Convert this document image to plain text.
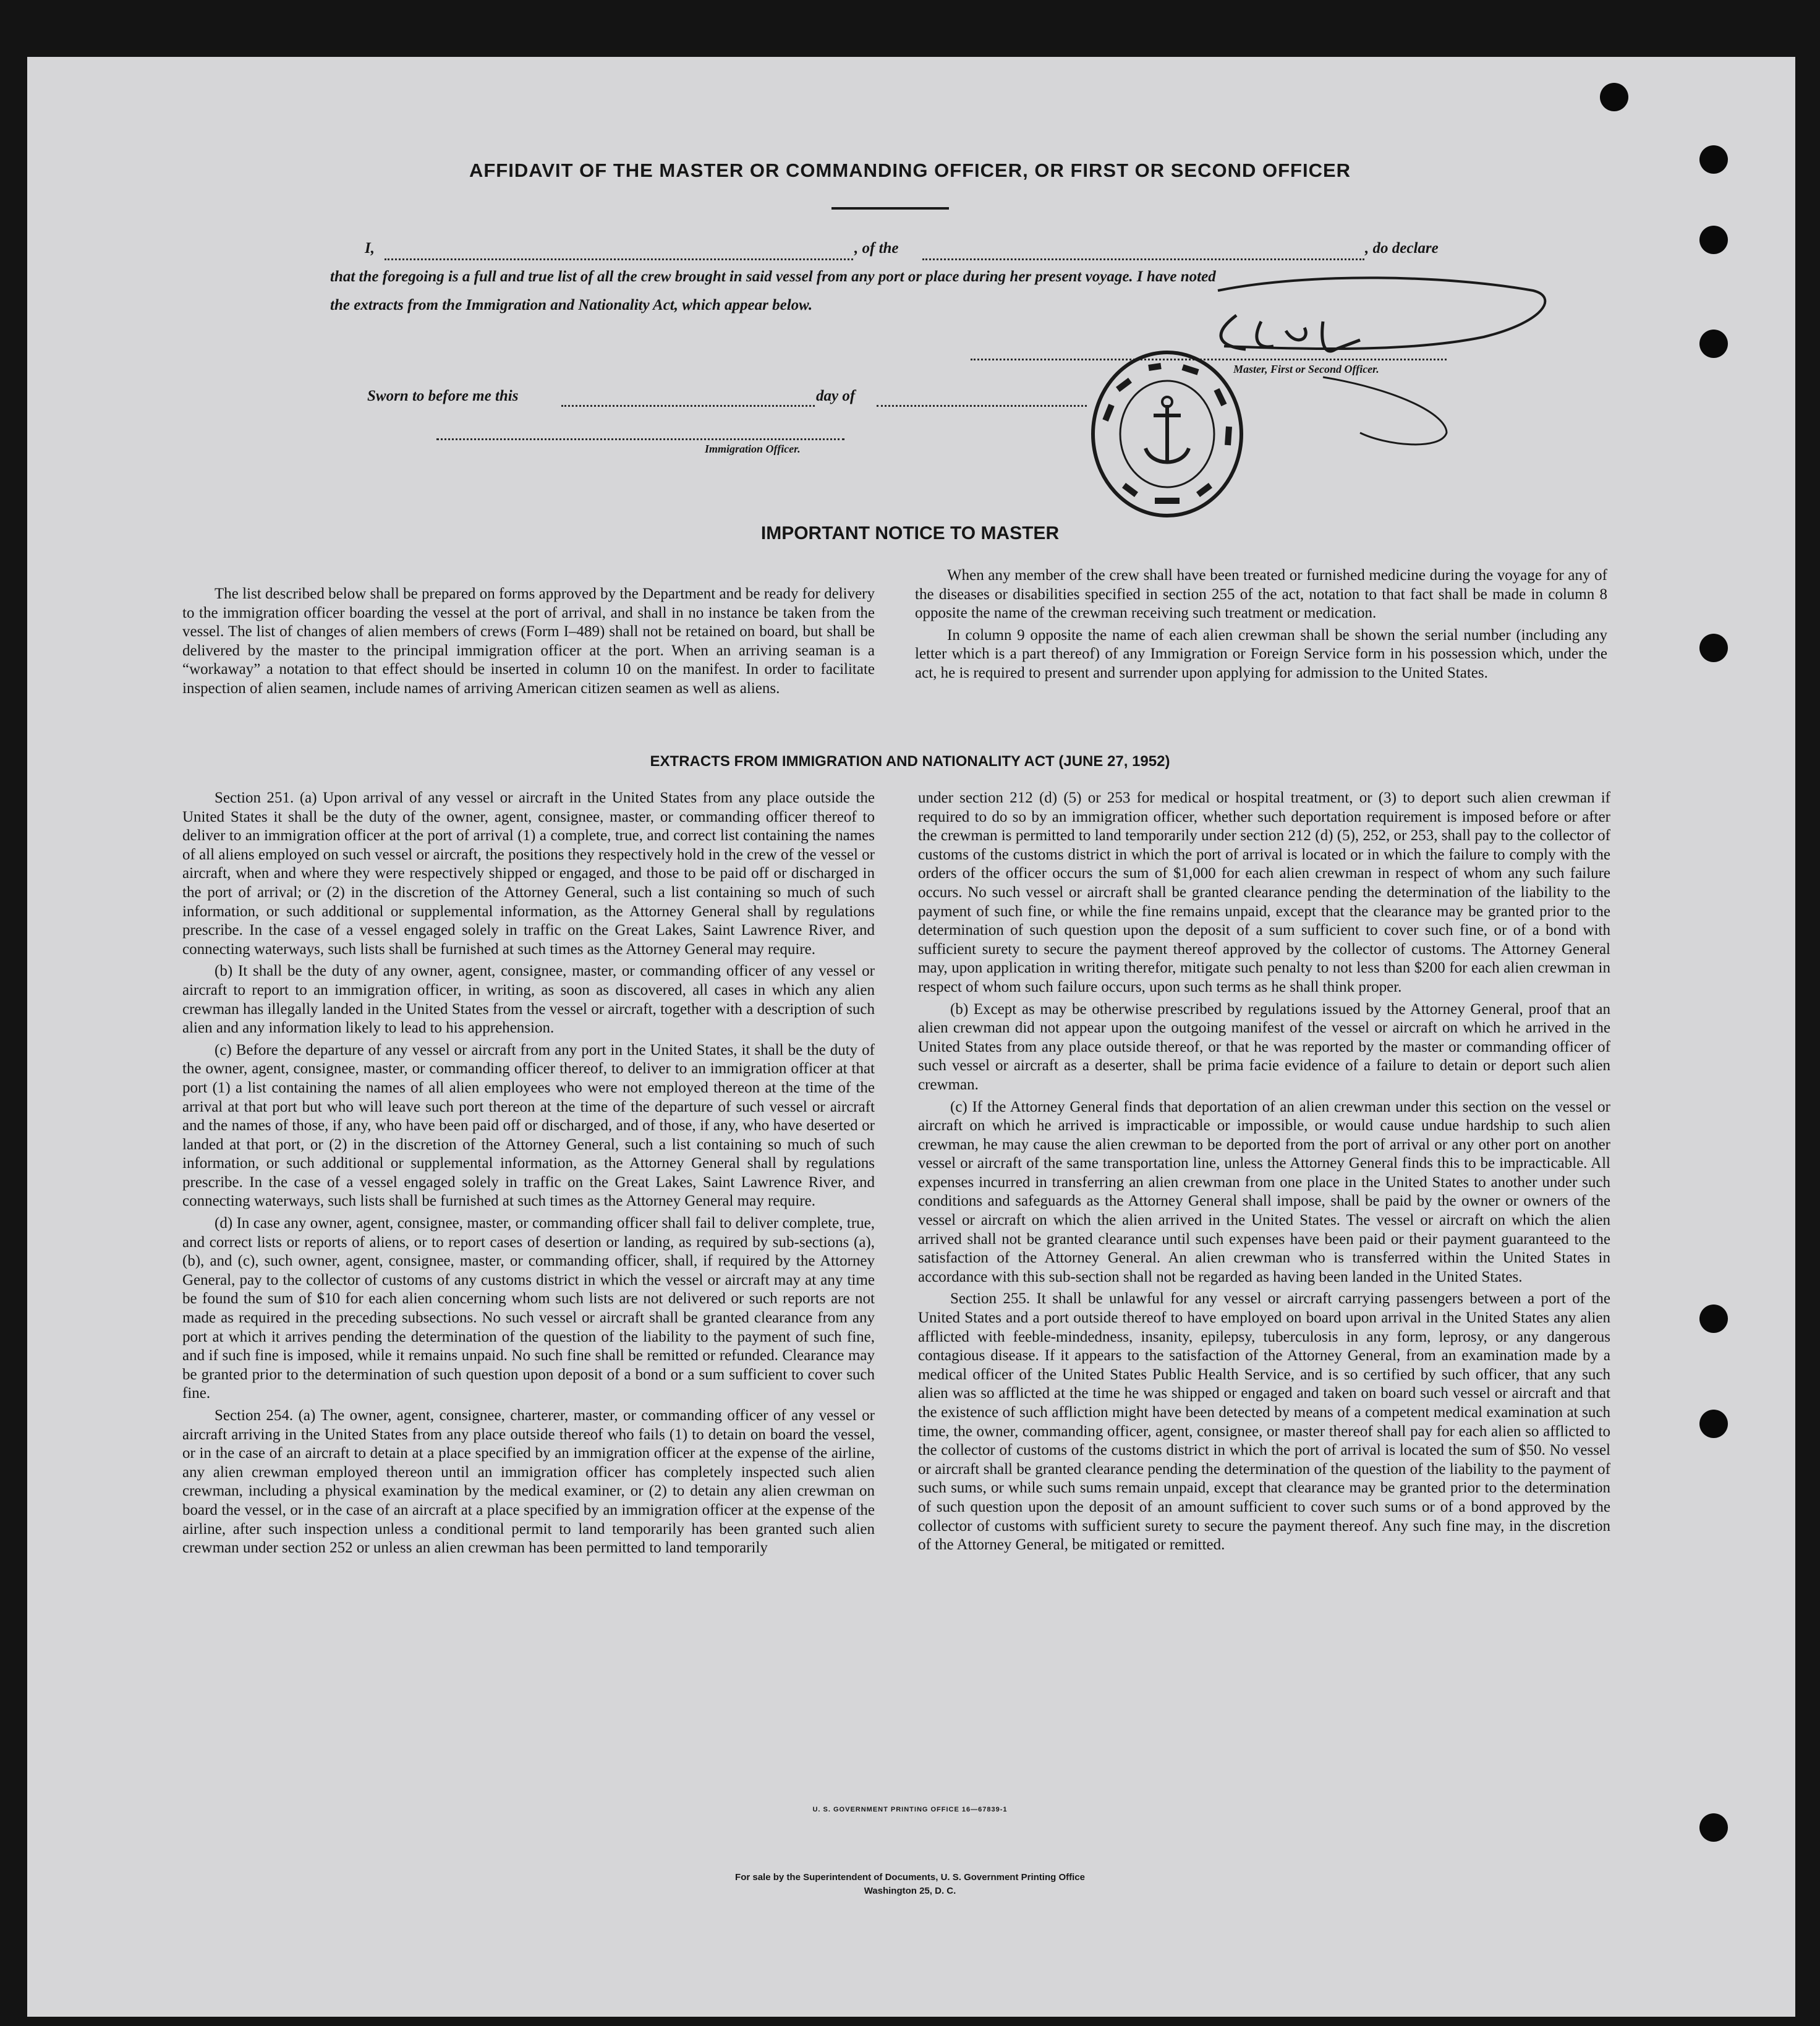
AFFIDAVIT OF THE MASTER OR COMMANDING OFFICER, OR FIRST OR SECOND OFFICER
I,	, of the	, do declare
that the foregoing is a full and true list of all the crew brought in said vessel from any port or place during her present voyage. I have noted
the extracts from the Immigration and Nationality Act, which appear below.
Master, First or Second Officer.
Sworn to before me this	day of
Immigration Officer.
IMPORTANT NOTICE TO MASTER

The list described below shall be prepared on forms approved by the Department and be ready for delivery to the immigration officer boarding the vessel at the port of arrival, and shall in no instance be taken from the vessel. The list of changes of alien members of crews (Form I–489) shall not be retained on board, but shall be delivered by the master to the principal immigration officer at the port. When an arriving seaman is a “workaway” a notation to that effect should be inserted in column 10 on the manifest. In order to facilitate inspection of alien seamen, include names of arriving American citizen seamen as well as aliens.

When any member of the crew shall have been treated or furnished medicine during the voyage for any of the diseases or disabilities specified in section 255 of the act, notation to that fact shall be made in column 8 opposite the name of the crewman receiving such treatment or medication.

In column 9 opposite the name of each alien crewman shall be shown the serial number (including any letter which is a part thereof) of any Immigration or Foreign Service form in his possession which, under the act, he is required to present and surrender upon applying for admission to the United States.

EXTRACTS FROM IMMIGRATION AND NATIONALITY ACT (JUNE 27, 1952)

Section 251. (a) Upon arrival of any vessel or aircraft in the United States from any place outside the United States it shall be the duty of the owner, agent, consignee, master, or commanding officer thereof to deliver to an immigration officer at the port of arrival (1) a complete, true, and correct list containing the names of all aliens employed on such vessel or aircraft, the positions they respectively hold in the crew of the vessel or aircraft, when and where they were respectively shipped or engaged, and those to be paid off or discharged in the port of arrival; or (2) in the discretion of the Attorney General, such a list containing so much of such information, or such additional or supplemental information, as the Attorney General shall by regulations prescribe. In the case of a vessel engaged solely in traffic on the Great Lakes, Saint Lawrence River, and connecting waterways, such lists shall be furnished at such times as the Attorney General may require.

(b) It shall be the duty of any owner, agent, consignee, master, or commanding officer of any vessel or aircraft to report to an immigration officer, in writing, as soon as discovered, all cases in which any alien crewman has illegally landed in the United States from the vessel or aircraft, together with a description of such alien and any information likely to lead to his apprehension.

(c) Before the departure of any vessel or aircraft from any port in the United States, it shall be the duty of the owner, agent, consignee, master, or commanding officer thereof, to deliver to an immigration officer at that port (1) a list containing the names of all alien employees who were not employed thereon at the time of the arrival at that port but who will leave such port thereon at the time of the departure of such vessel or aircraft and the names of those, if any, who have been paid off or discharged, and of those, if any, who have deserted or landed at that port, or (2) in the discretion of the Attorney General, such a list containing so much of such information, or such additional or supplemental information, as the Attorney General shall by regulations prescribe. In the case of a vessel engaged solely in traffic on the Great Lakes, Saint Lawrence River, and connecting waterways, such lists shall be furnished at such times as the Attorney General may require.

(d) In case any owner, agent, consignee, master, or commanding officer shall fail to deliver complete, true, and correct lists or reports of aliens, or to report cases of desertion or landing, as required by sub-sections (a), (b), and (c), such owner, agent, consignee, master, or commanding officer, shall, if required by the Attorney General, pay to the collector of customs of any customs district in which the vessel or aircraft may at any time be found the sum of $10 for each alien concerning whom such lists are not delivered or such reports are not made as required in the preceding subsections. No such vessel or aircraft shall be granted clearance from any port at which it arrives pending the determination of the question of the liability to the payment of such fine, and if such fine is imposed, while it remains unpaid. No such fine shall be remitted or refunded. Clearance may be granted prior to the determination of such question upon deposit of a bond or a sum sufficient to cover such fine.

Section 254. (a) The owner, agent, consignee, charterer, master, or commanding officer of any vessel or aircraft arriving in the United States from any place outside thereof who fails (1) to detain on board the vessel, or in the case of an aircraft to detain at a place specified by an immigration officer at the expense of the airline, any alien crewman employed thereon until an immigration officer has completely inspected such alien crewman, including a physical examination by the medical examiner, or (2) to detain any alien crewman on board the vessel, or in the case of an aircraft at a place specified by an immigration officer at the expense of the airline, after such inspection unless a conditional permit to land temporarily has been granted such alien crewman under section 252 or unless an alien crewman has been permitted to land temporarily

under section 212 (d) (5) or 253 for medical or hospital treatment, or (3) to deport such alien crewman if required to do so by an immigration officer, whether such deportation requirement is imposed before or after the crewman is permitted to land temporarily under section 212 (d) (5), 252, or 253, shall pay to the collector of customs of the customs district in which the port of arrival is located or in which the failure to comply with the orders of the officer occurs the sum of $1,000 for each alien crewman in respect of whom any such failure occurs. No such vessel or aircraft shall be granted clearance pending the determination of the liability to the payment of such fine, or while the fine remains unpaid, except that the clearance may be granted prior to the determination of such question upon the deposit of a sum sufficient to cover such fine, or of a bond with sufficient surety to secure the payment thereof approved by the collector of customs. The Attorney General may, upon application in writing therefor, mitigate such penalty to not less than $200 for each alien crewman in respect of whom such failure occurs, upon such terms as he shall think proper.

(b) Except as may be otherwise prescribed by regulations issued by the Attorney General, proof that an alien crewman did not appear upon the outgoing manifest of the vessel or aircraft on which he arrived in the United States from any place outside thereof, or that he was reported by the master or commanding officer of such vessel or aircraft as a deserter, shall be prima facie evidence of a failure to detain or deport such alien crewman.

(c) If the Attorney General finds that deportation of an alien crewman under this section on the vessel or aircraft on which he arrived is impracticable or impossible, or would cause undue hardship to such alien crewman, he may cause the alien crewman to be deported from the port of arrival or any other port on another vessel or aircraft of the same transportation line, unless the Attorney General finds this to be impracticable. All expenses incurred in transferring an alien crewman from one place in the United States to another under such conditions and safeguards as the Attorney General shall impose, shall be paid by the owner or owners of the vessel or aircraft on which the alien arrived in the United States. The vessel or aircraft on which the alien arrived shall not be granted clearance until such expenses have been paid or their payment guaranteed to the satisfaction of the Attorney General. An alien crewman who is transferred within the United States in accordance with this sub-section shall not be regarded as having been landed in the United States.

Section 255. It shall be unlawful for any vessel or aircraft carrying passengers between a port of the United States and a port outside thereof to have employed on board upon arrival in the United States any alien afflicted with feeble-mindedness, insanity, epilepsy, tuberculosis in any form, leprosy, or any dangerous contagious disease. If it appears to the satisfaction of the Attorney General, from an examination made by a medical officer of the United States Public Health Service, and is so certified by such officer, that any such alien was so afflicted at the time he was shipped or engaged and taken on board such vessel or aircraft and that the existence of such affliction might have been detected by means of a competent medical examination at such time, the owner, commanding officer, agent, consignee, or master thereof shall pay for each alien so afflicted to the collector of customs of the customs district in which the port of arrival is located the sum of $50. No vessel or aircraft shall be granted clearance pending the determination of the question of the liability to the payment of such sums, or while such sums remain unpaid, except that clearance may be granted prior to the determination of such question upon the deposit of an amount sufficient to cover such sums or of a bond approved by the collector of customs with sufficient surety to secure the payment thereof. Any such fine may, in the discretion of the Attorney General, be mitigated or remitted.

U. S. GOVERNMENT PRINTING OFFICE 16—67839-1
For sale by the Superintendent of Documents, U. S. Government Printing Office
Washington 25, D. C.
